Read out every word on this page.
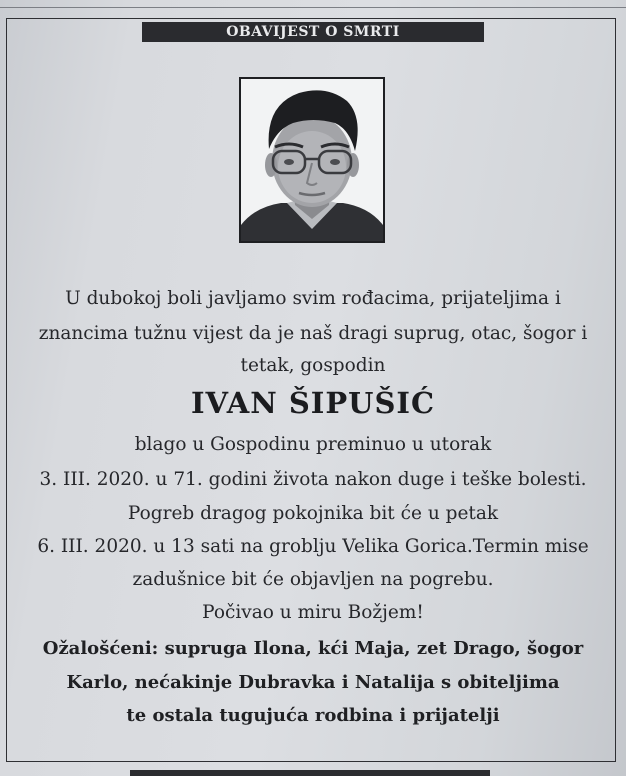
OBAVIJEST O SMRTI
U dubokoj boli javljamo svim rođacima, prijateljima i
znancima tužnu vijest da je naš dragi suprug, otac, šogor i
tetak, gospodin
IVAN ŠIPUŠIĆ
blago u Gospodinu preminuo u utorak
3. III. 2020. u 71. godini života nakon duge i teške bolesti.
Pogreb dragog pokojnika bit će u petak
6. III. 2020. u 13 sati na groblju Velika Gorica.Termin mise
zadušnice bit će objavljen na pogrebu.
Počivao u miru Božjem!
Ožalošćeni: supruga Ilona, kći Maja, zet Drago, šogor
Karlo, nećakinje Dubravka i Natalija s obiteljima
te ostala tugujuća rodbina i prijatelji
